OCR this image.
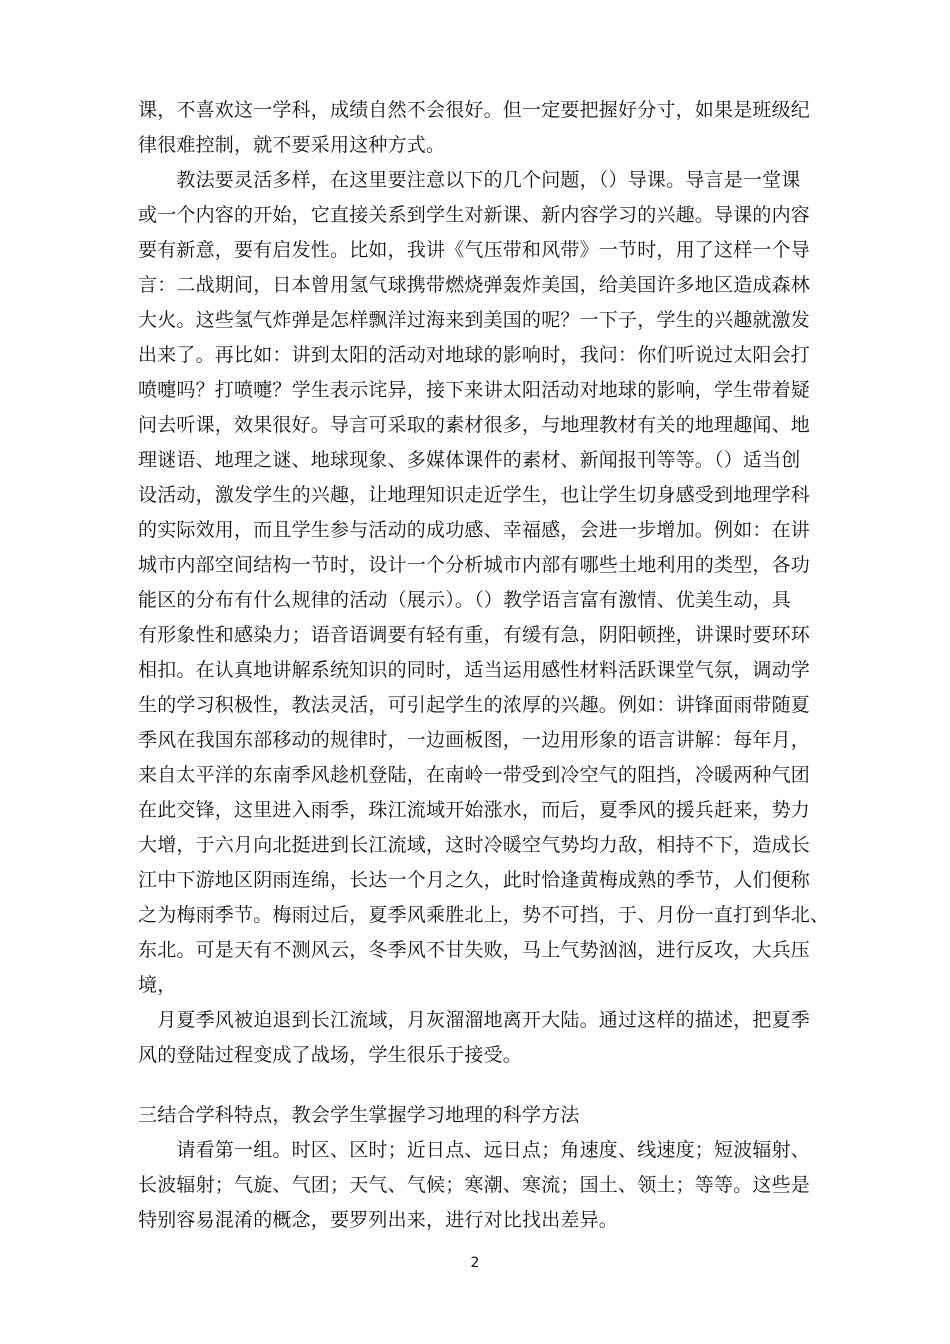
课，不喜欢这一学科，成绩自然不会很好。但一定要把握好分寸，如果是班级纪
律很难控制，就不要采用这种方式。
　　教法要灵活多样，在这里要注意以下的几个问题，（）导课。导言是一堂课
或一个内容的开始，它直接关系到学生对新课、新内容学习的兴趣。导课的内容
要有新意，要有启发性。比如，我讲《气压带和风带》一节时，用了这样一个导
言：二战期间，日本曾用氢气球携带燃烧弹轰炸美国，给美国许多地区造成森林
大火。这些氢气炸弹是怎样飘洋过海来到美国的呢？一下子，学生的兴趣就激发
出来了。再比如：讲到太阳的活动对地球的影响时，我问：你们听说过太阳会打
喷嚏吗？打喷嚏？学生表示诧异，接下来讲太阳活动对地球的影响，学生带着疑
问去听课，效果很好。导言可采取的素材很多，与地理教材有关的地理趣闻、地
理谜语、地理之谜、地球现象、多媒体课件的素材、新闻报刊等等。（）适当创
设活动，激发学生的兴趣，让地理知识走近学生，也让学生切身感受到地理学科
的实际效用，而且学生参与活动的成功感、幸福感，会进一步增加。例如：在讲
城市内部空间结构一节时，设计一个分析城市内部有哪些土地利用的类型，各功
能区的分布有什么规律的活动（展示）。（）教学语言富有激情、优美生动，具
有形象性和感染力；语音语调要有轻有重，有缓有急，阴阳顿挫，讲课时要环环
相扣。在认真地讲解系统知识的同时，适当运用感性材料活跃课堂气氛，调动学
生的学习积极性，教法灵活，可引起学生的浓厚的兴趣。例如：讲锋面雨带随夏
季风在我国东部移动的规律时，一边画板图，一边用形象的语言讲解：每年月，
来自太平洋的东南季风趁机登陆，在南岭一带受到冷空气的阻挡，冷暖两种气团
在此交锋，这里进入雨季，珠江流域开始涨水，而后，夏季风的援兵赶来，势力
大增，于六月向北挺进到长江流域，这时冷暖空气势均力敌，相持不下，造成长
江中下游地区阴雨连绵，长达一个月之久，此时恰逢黄梅成熟的季节，人们便称
之为梅雨季节。梅雨过后，夏季风乘胜北上，势不可挡，于、月份一直打到华北、
东北。可是天有不测风云，冬季风不甘失败，马上气势汹汹，进行反攻，大兵压
境，
　月夏季风被迫退到长江流域，月灰溜溜地离开大陆。通过这样的描述，把夏季
风的登陆过程变成了战场，学生很乐于接受。
三结合学科特点，教会学生掌握学习地理的科学方法
　　请看第一组。时区、区时；近日点、远日点；角速度、线速度；短波辐射、
长波辐射；气旋、气团；天气、气候；寒潮、寒流；国土、领土；等等。这些是
特别容易混淆的概念，要罗列出来，进行对比找出差异。
2
